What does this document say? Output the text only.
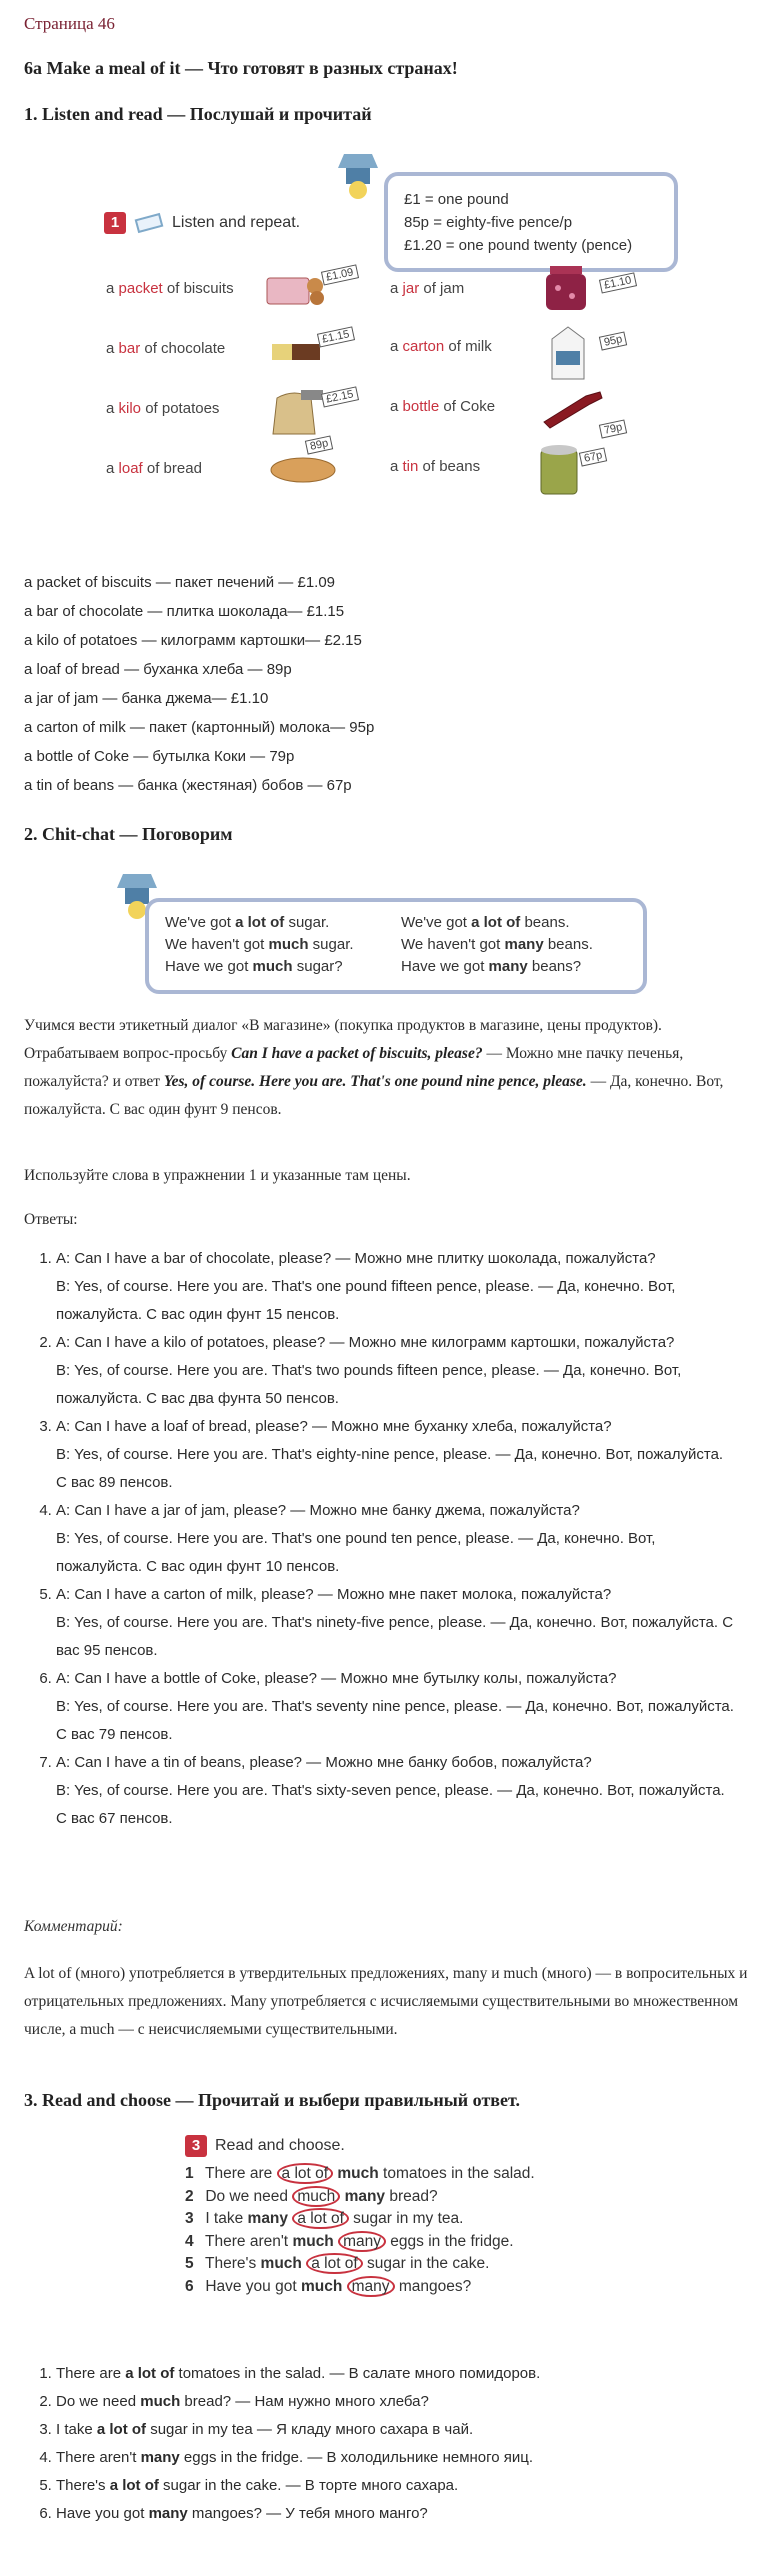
Страница 46
6a Make a meal of it — Что готовят в разных странах!
1. Listen and read — Послушай и прочитай
1	Listen and repeat.
£1 = one pound
85p = eighty-five pence/p
£1.20 = one pound twenty (pence)
a packet of biscuits
a bar of chocolate
a kilo of potatoes
a loaf of bread
a jar of jam
a carton of milk
a bottle of Coke
a tin of beans
£1.09
£1.15
£2.15
89p
£1.10
95p
79p
67p
a packet of biscuits — пакет печений — £1.09
a bar of chocolate — плитка шоколада— £1.15
a kilo of potatoes — килограмм картошки— £2.15
a loaf of bread — буханка хлеба — 89p
a jar of jam — банка джема— £1.10
a carton of milk — пакет (картонный) молока— 95p
a bottle of Coke — бутылка Коки — 79p
a tin of beans — банка (жестяная) бобов — 67p
2. Chit-chat — Поговорим
We've got a lot of sugar.
We haven't got much sugar.
Have we got much sugar?
We've got a lot of beans.
We haven't got many beans.
Have we got many beans?

Учимся вести этикетный диалог «В магазине» (покупка продуктов в магазине, цены продуктов). Отрабатываем вопрос-просьбу Can I have a packet of biscuits, please? — Можно мне пачку печенья, пожалуйста? и ответ Yes, of course. Here you are. That's one pound nine pence, please. — Да, конечно. Вот, пожалуйста. С вас один фунт 9 пенсов.

Используйте слова в упражнении 1 и указанные там цены.

Ответы:

1. A: Can I have a bar of chocolate, please? — Можно мне плитку шоколада, пожалуйста?
B: Yes, of course. Here you are. That's one pound fifteen pence, please. — Да, конечно. Вот, пожалуйста. С вас один фунт 15 пенсов.
2. A: Can I have a kilo of potatoes, please? — Можно мне килограмм картошки, пожалуйста?
B: Yes, of course. Here you are. That's two pounds fifteen pence, please. — Да, конечно. Вот, пожалуйста. С вас два фунта 50 пенсов.
3. A: Can I have a loaf of bread, please? — Можно мне буханку хлеба, пожалуйста?
B: Yes, of course. Here you are. That's eighty-nine pence, please. — Да, конечно. Вот, пожалуйста. С вас 89 пенсов.
4. A: Can I have a jar of jam, please? — Можно мне банку джема, пожалуйста?
B: Yes, of course. Here you are. That's one pound ten pence, please. — Да, конечно. Вот, пожалуйста. С вас один фунт 10 пенсов.
5. A: Can I have a carton of milk, please? — Можно мне пакет молока, пожалуйста?
B: Yes, of course. Here you are. That's ninety-five pence, please. — Да, конечно. Вот, пожалуйста. С вас 95 пенсов.
6. A: Can I have a bottle of Coke, please? — Можно мне бутылку колы, пожалуйста?
B: Yes, of course. Here you are. That's seventy nine pence, please. — Да, конечно. Вот, пожалуйста. С вас 79 пенсов.
7. A: Can I have a tin of beans, please? — Можно мне банку бобов, пожалуйста?
B: Yes, of course. Here you are. That's sixty-seven pence, please. — Да, конечно. Вот, пожалуйста. С вас 67 пенсов.
Комментарий:

A lot of (много) употребляется в утвердительных предложениях, many и much (много) — в вопросительных и отрицательных предложениях. Many употребляется с исчисляемыми существительными во множественном числе, а much — с неисчисляемыми существительными.

3. Read and choose — Прочитай и выбери правильный ответ.
3 Read and choose.
1 There are a lot of much tomatoes in the salad.
2 Do we need much many bread?
3 I take many a lot of sugar in my tea.
4 There aren't much many eggs in the fridge.
5 There's much a lot of sugar in the cake.
6 Have you got much many mangoes?
1. There are a lot of tomatoes in the salad. — В салате много помидоров.
2. Do we need much bread? — Нам нужно много хлеба?
3. I take a lot of sugar in my tea — Я кладу много сахара в чай.
4. There aren't many eggs in the fridge. — В холодильнике немного яиц.
5. There's a lot of sugar in the cake. — В торте много сахара.
6. Have you got many mangoes? — У тебя много манго?
